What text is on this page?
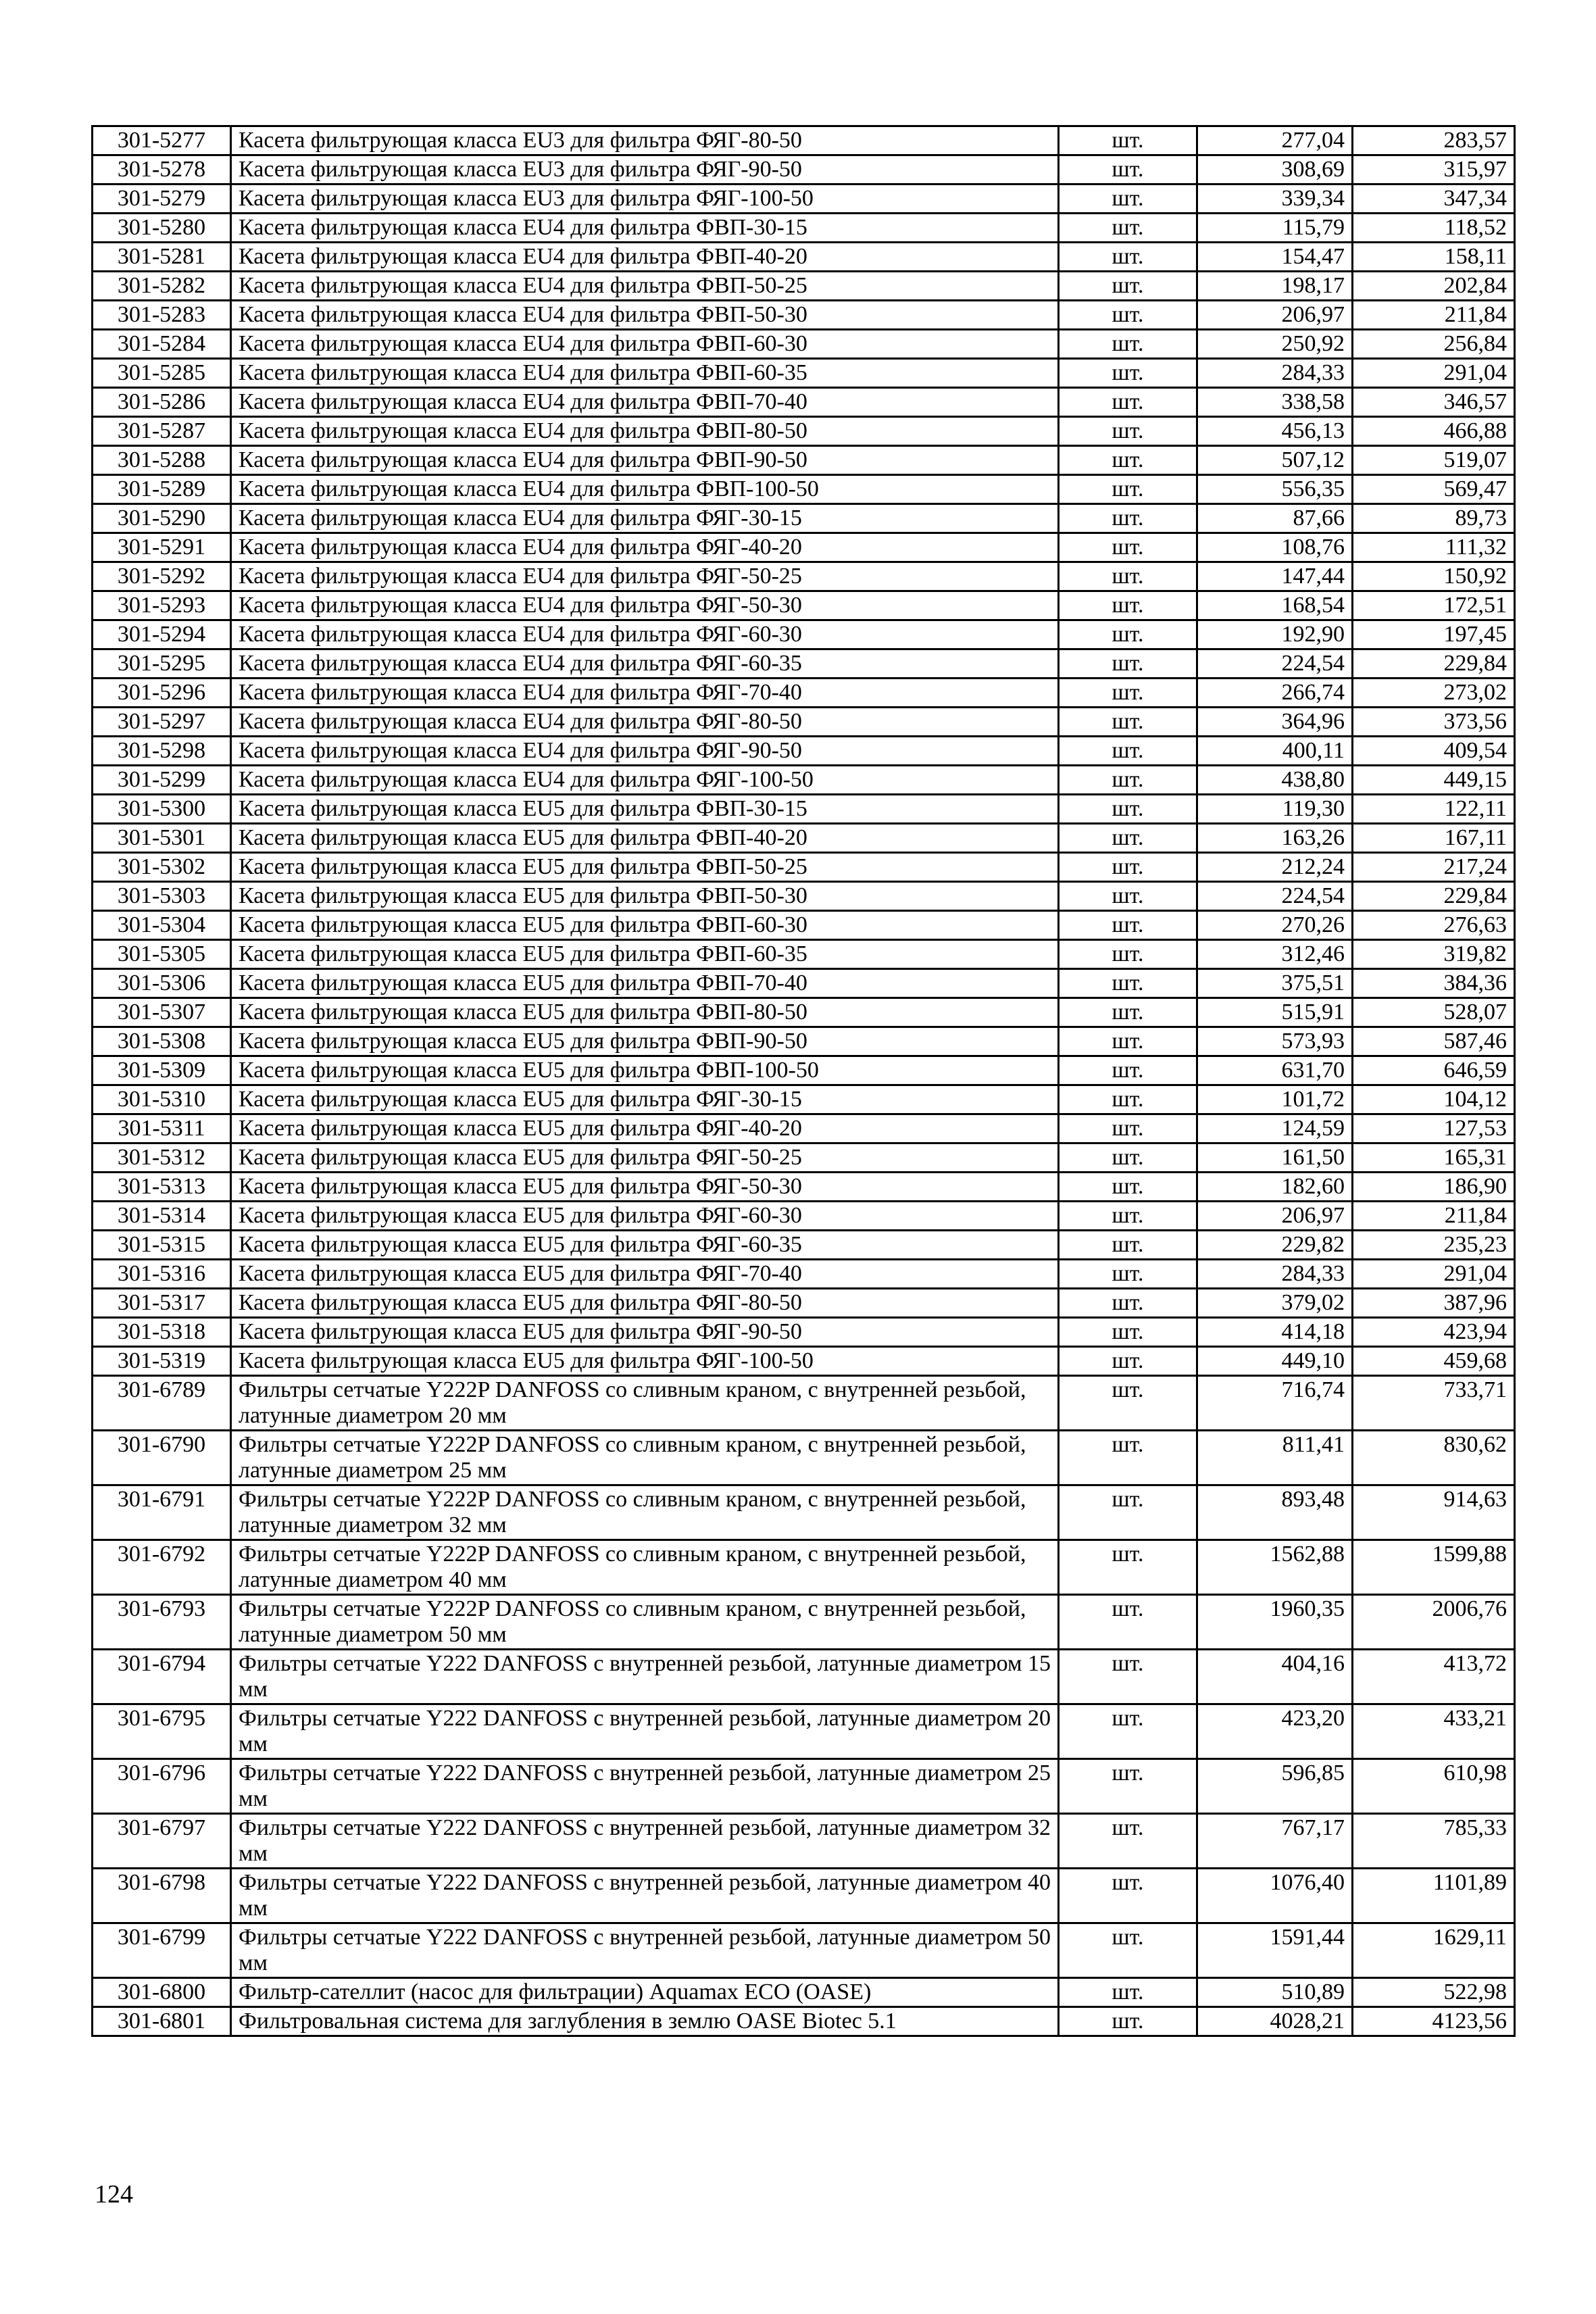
301-5277	Касета фильтрующая класса EU3 для фильтра ФЯГ-80-50	шт.	277,04	283,57
301-5278	Касета фильтрующая класса EU3 для фильтра ФЯГ-90-50	шт.	308,69	315,97
301-5279	Касета фильтрующая класса EU3 для фильтра ФЯГ-100-50	шт.	339,34	347,34
301-5280	Касета фильтрующая класса EU4 для фильтра ФВП-30-15	шт.	115,79	118,52
301-5281	Касета фильтрующая класса EU4 для фильтра ФВП-40-20	шт.	154,47	158,11
301-5282	Касета фильтрующая класса EU4 для фильтра ФВП-50-25	шт.	198,17	202,84
301-5283	Касета фильтрующая класса EU4 для фильтра ФВП-50-30	шт.	206,97	211,84
301-5284	Касета фильтрующая класса EU4 для фильтра ФВП-60-30	шт.	250,92	256,84
301-5285	Касета фильтрующая класса EU4 для фильтра ФВП-60-35	шт.	284,33	291,04
301-5286	Касета фильтрующая класса EU4 для фильтра ФВП-70-40	шт.	338,58	346,57
301-5287	Касета фильтрующая класса EU4 для фильтра ФВП-80-50	шт.	456,13	466,88
301-5288	Касета фильтрующая класса EU4 для фильтра ФВП-90-50	шт.	507,12	519,07
301-5289	Касета фильтрующая класса EU4 для фильтра ФВП-100-50	шт.	556,35	569,47
301-5290	Касета фильтрующая класса EU4 для фильтра ФЯГ-30-15	шт.	87,66	89,73
301-5291	Касета фильтрующая класса EU4 для фильтра ФЯГ-40-20	шт.	108,76	111,32
301-5292	Касета фильтрующая класса EU4 для фильтра ФЯГ-50-25	шт.	147,44	150,92
301-5293	Касета фильтрующая класса EU4 для фильтра ФЯГ-50-30	шт.	168,54	172,51
301-5294	Касета фильтрующая класса EU4 для фильтра ФЯГ-60-30	шт.	192,90	197,45
301-5295	Касета фильтрующая класса EU4 для фильтра ФЯГ-60-35	шт.	224,54	229,84
301-5296	Касета фильтрующая класса EU4 для фильтра ФЯГ-70-40	шт.	266,74	273,02
301-5297	Касета фильтрующая класса EU4 для фильтра ФЯГ-80-50	шт.	364,96	373,56
301-5298	Касета фильтрующая класса EU4 для фильтра ФЯГ-90-50	шт.	400,11	409,54
301-5299	Касета фильтрующая класса EU4 для фильтра ФЯГ-100-50	шт.	438,80	449,15
301-5300	Касета фильтрующая класса EU5 для фильтра ФВП-30-15	шт.	119,30	122,11
301-5301	Касета фильтрующая класса EU5 для фильтра ФВП-40-20	шт.	163,26	167,11
301-5302	Касета фильтрующая класса EU5 для фильтра ФВП-50-25	шт.	212,24	217,24
301-5303	Касета фильтрующая класса EU5 для фильтра ФВП-50-30	шт.	224,54	229,84
301-5304	Касета фильтрующая класса EU5 для фильтра ФВП-60-30	шт.	270,26	276,63
301-5305	Касета фильтрующая класса EU5 для фильтра ФВП-60-35	шт.	312,46	319,82
301-5306	Касета фильтрующая класса EU5 для фильтра ФВП-70-40	шт.	375,51	384,36
301-5307	Касета фильтрующая класса EU5 для фильтра ФВП-80-50	шт.	515,91	528,07
301-5308	Касета фильтрующая класса EU5 для фильтра ФВП-90-50	шт.	573,93	587,46
301-5309	Касета фильтрующая класса EU5 для фильтра ФВП-100-50	шт.	631,70	646,59
301-5310	Касета фильтрующая класса EU5 для фильтра ФЯГ-30-15	шт.	101,72	104,12
301-5311	Касета фильтрующая класса EU5 для фильтра ФЯГ-40-20	шт.	124,59	127,53
301-5312	Касета фильтрующая класса EU5 для фильтра ФЯГ-50-25	шт.	161,50	165,31
301-5313	Касета фильтрующая класса EU5 для фильтра ФЯГ-50-30	шт.	182,60	186,90
301-5314	Касета фильтрующая класса EU5 для фильтра ФЯГ-60-30	шт.	206,97	211,84
301-5315	Касета фильтрующая класса EU5 для фильтра ФЯГ-60-35	шт.	229,82	235,23
301-5316	Касета фильтрующая класса EU5 для фильтра ФЯГ-70-40	шт.	284,33	291,04
301-5317	Касета фильтрующая класса EU5 для фильтра ФЯГ-80-50	шт.	379,02	387,96
301-5318	Касета фильтрующая класса EU5 для фильтра ФЯГ-90-50	шт.	414,18	423,94
301-5319	Касета фильтрующая класса EU5 для фильтра ФЯГ-100-50	шт.	449,10	459,68
301-6789	Фильтры сетчатые Y222P DANFOSS со сливным краном, с внутренней резьбой, латунные диаметром 20 мм	шт.	716,74	733,71
301-6790	Фильтры сетчатые Y222P DANFOSS со сливным краном, с внутренней резьбой, латунные диаметром 25 мм	шт.	811,41	830,62
301-6791	Фильтры сетчатые Y222P DANFOSS со сливным краном, с внутренней резьбой, латунные диаметром 32 мм	шт.	893,48	914,63
301-6792	Фильтры сетчатые Y222P DANFOSS со сливным краном, с внутренней резьбой, латунные диаметром 40 мм	шт.	1562,88	1599,88
301-6793	Фильтры сетчатые Y222P DANFOSS со сливным краном, с внутренней резьбой, латунные диаметром 50 мм	шт.	1960,35	2006,76
301-6794	Фильтры сетчатые Y222 DANFOSS с внутренней резьбой, латунные диаметром 15 мм	шт.	404,16	413,72
301-6795	Фильтры сетчатые Y222 DANFOSS с внутренней резьбой, латунные диаметром 20 мм	шт.	423,20	433,21
301-6796	Фильтры сетчатые Y222 DANFOSS с внутренней резьбой, латунные диаметром 25 мм	шт.	596,85	610,98
301-6797	Фильтры сетчатые Y222 DANFOSS с внутренней резьбой, латунные диаметром 32 мм	шт.	767,17	785,33
301-6798	Фильтры сетчатые Y222 DANFOSS с внутренней резьбой, латунные диаметром 40 мм	шт.	1076,40	1101,89
301-6799	Фильтры сетчатые Y222 DANFOSS с внутренней резьбой, латунные диаметром 50 мм	шт.	1591,44	1629,11
301-6800	Фильтр-сателлит (насос для фильтрации) Aquamax ECO (OASE)	шт.	510,89	522,98
301-6801	Фильтровальная система для заглубления в землю OASE Biotec 5.1	шт.	4028,21	4123,56
124
